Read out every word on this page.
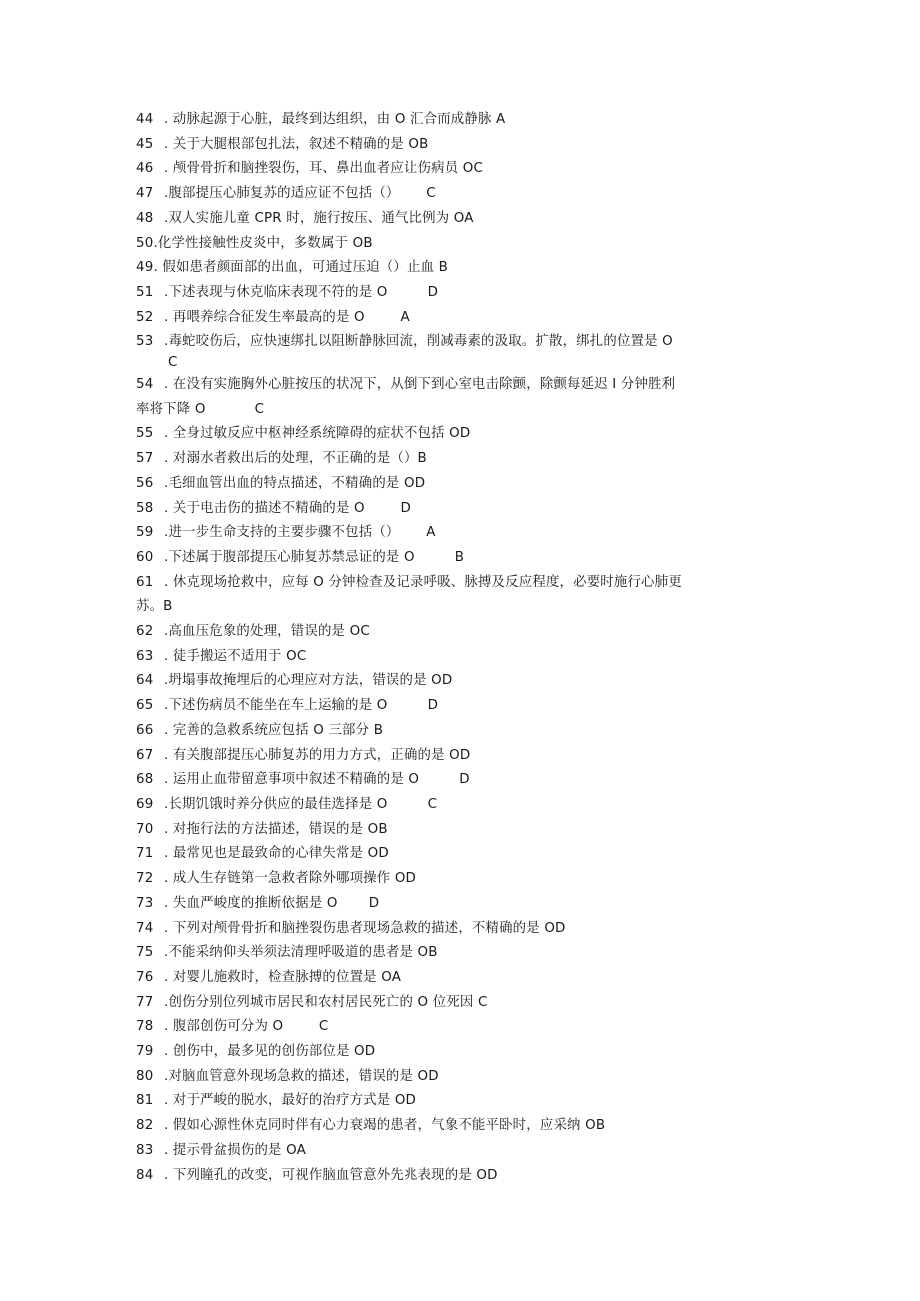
44 . 动脉起源于心脏，最终到达组织，由 O 汇合而成静脉 A
45 . 关于大腿根部包扎法，叙述不精确的是 OB
46 . 颅骨骨折和脑挫裂伤，耳、鼻出血者应让伤病员 OC
47 .腹部提压心肺复苏的适应证不包括（）      C
48 .双人实施儿童 CPR 时，施行按压、通气比例为 OA
50.化学性接触性皮炎中，多数属于 OB
49. 假如患者颜面部的出血，可通过压迫（）止血 B
51 .下述表现与休克临床表现不符的是 O         D
52 . 再喂养综合征发生率最高的是 O        A
53 .毒蛇咬伤后，应快速绑扎以阻断静脉回流，削减毒素的汲取。扩散，绑扎的位置是 O
C
54 . 在没有实施胸外心脏按压的状况下，从倒下到心室电击除颤，除颤每延迟 I 分钟胜利
率将下降 O           C
55 . 全身过敏反应中枢神经系统障碍的症状不包括 OD
57 . 对溺水者救出后的处理，不正确的是（）B
56 .毛细血管出血的特点描述，不精确的是 OD
58 . 关于电击伤的描述不精确的是 O        D
59 .进一步生命支持的主要步骤不包括（）      A
60 .下述属于腹部提压心肺复苏禁忌证的是 O         B
61 . 休克现场抢救中，应每 O 分钟检查及记录呼吸、脉搏及反应程度，必要时施行心肺更
苏。B
62 .高血压危象的处理，错误的是 OC
63 . 徒手搬运不适用于 OC
64 .坍塌事故掩埋后的心理应对方法，错误的是 OD
65 .下述伤病员不能坐在车上运输的是 O         D
66 . 完善的急救系统应包括 O 三部分 B
67 . 有关腹部提压心肺复苏的用力方式，正确的是 OD
68 . 运用止血带留意事项中叙述不精确的是 O         D
69 .长期饥饿时养分供应的最佳选择是 O         C
70 . 对拖行法的方法描述，错误的是 OB
71 . 最常见也是最致命的心律失常是 OD
72 . 成人生存链第一急救者除外哪项操作 OD
73 . 失血严峻度的推断依据是 O       D
74 . 下列对颅骨骨折和脑挫裂伤患者现场急救的描述，不精确的是 OD
75 .不能采纳仰头举须法清理呼吸道的患者是 OB
76 . 对婴儿施救时，检查脉搏的位置是 OA
77 .创伤分别位列城市居民和农村居民死亡的 O 位死因 C
78 . 腹部创伤可分为 O        C
79 . 创伤中，最多见的创伤部位是 OD
80 .对脑血管意外现场急救的描述，错误的是 OD
81 . 对于严峻的脱水，最好的治疗方式是 OD
82 . 假如心源性休克同时伴有心力衰竭的患者，气象不能平卧时，应采纳 OB
83 . 提示骨盆损伤的是 OA
84 . 下列瞳孔的改变，可视作脑血管意外先兆表现的是 OD
